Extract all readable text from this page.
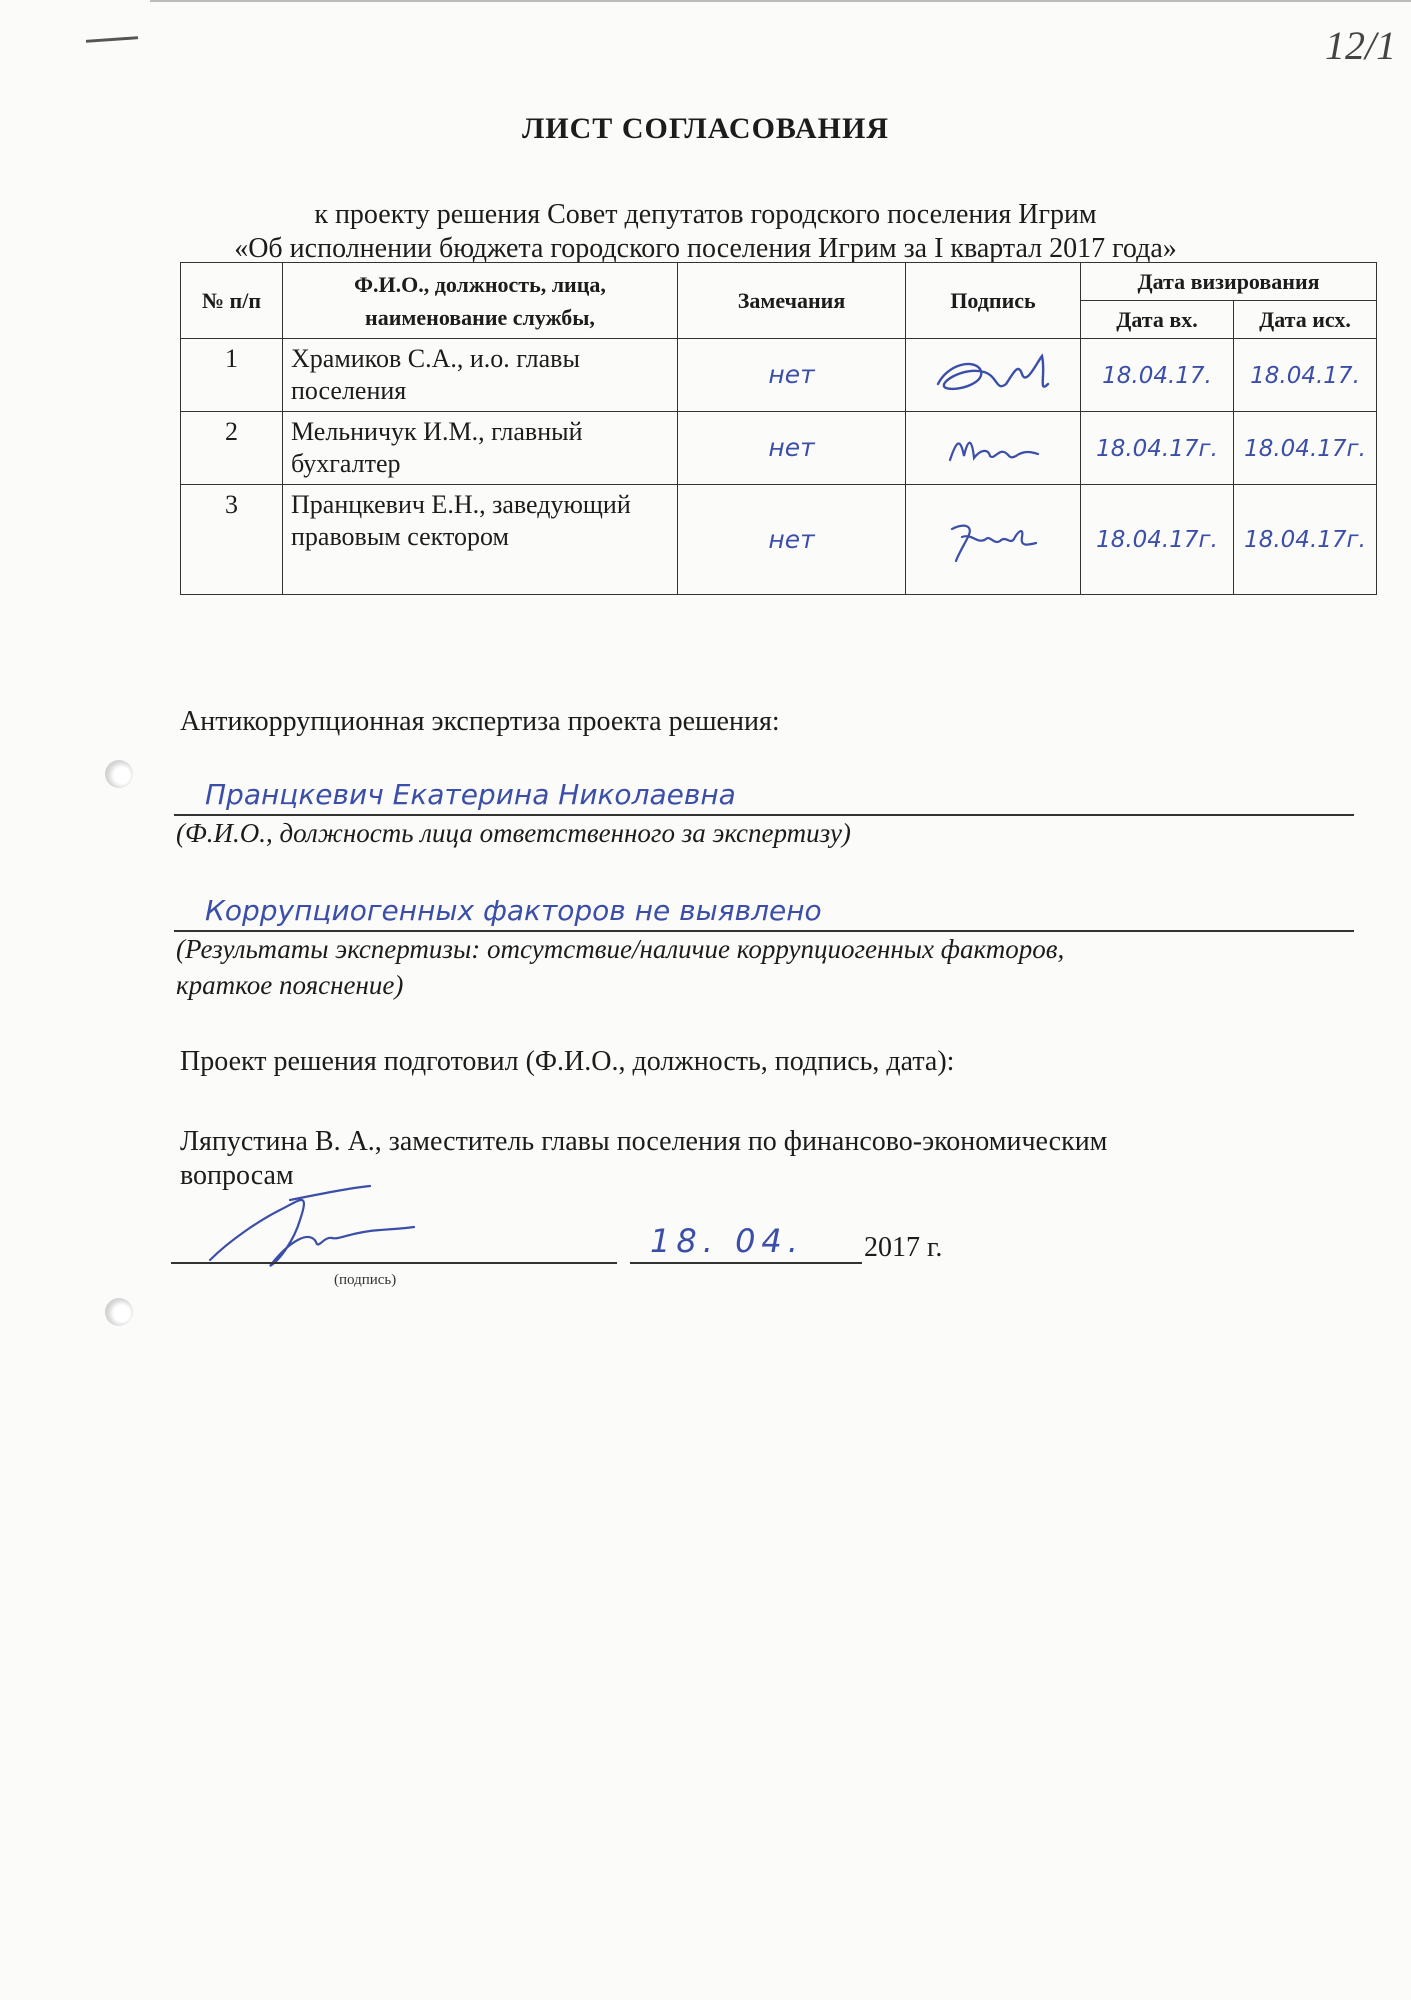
12/1
ЛИСТ СОГЛАСОВАНИЯ
к проекту решения Совет депутатов городского поселения Игрим
«Об исполнении бюджета городского поселения Игрим за I квартал 2017 года»
№ п/п	Ф.И.О., должность, лица, наименование службы,	Замечания	Подпись	Дата визирования	
				Дата вх.	Дата исх.
1	Храмиков С.А., и.о. главы поселения	нет		18.04.17.	18.04.17.
2	Мельничук И.М., главный бухгалтер	нет		18.04.17г.	18.04.17г.
3	Пранцкевич Е.Н., заведующий правовым сектором	нет		18.04.17г.	18.04.17г.
Антикоррупционная экспертиза проекта решения:
Пранцкевич Екатерина Николаевна
(Ф.И.О., должность лица ответственного за экспертизу)
Коррупциогенных факторов не выявлено
(Результаты экспертизы: отсутствие/наличие коррупциогенных факторов,
краткое пояснение)
Проект решения подготовил (Ф.И.О., должность, подпись, дата):
Ляпустина В. А., заместитель главы поселения по финансово-экономическим
вопросам
(подпись)
18. 04. 2017 г.
